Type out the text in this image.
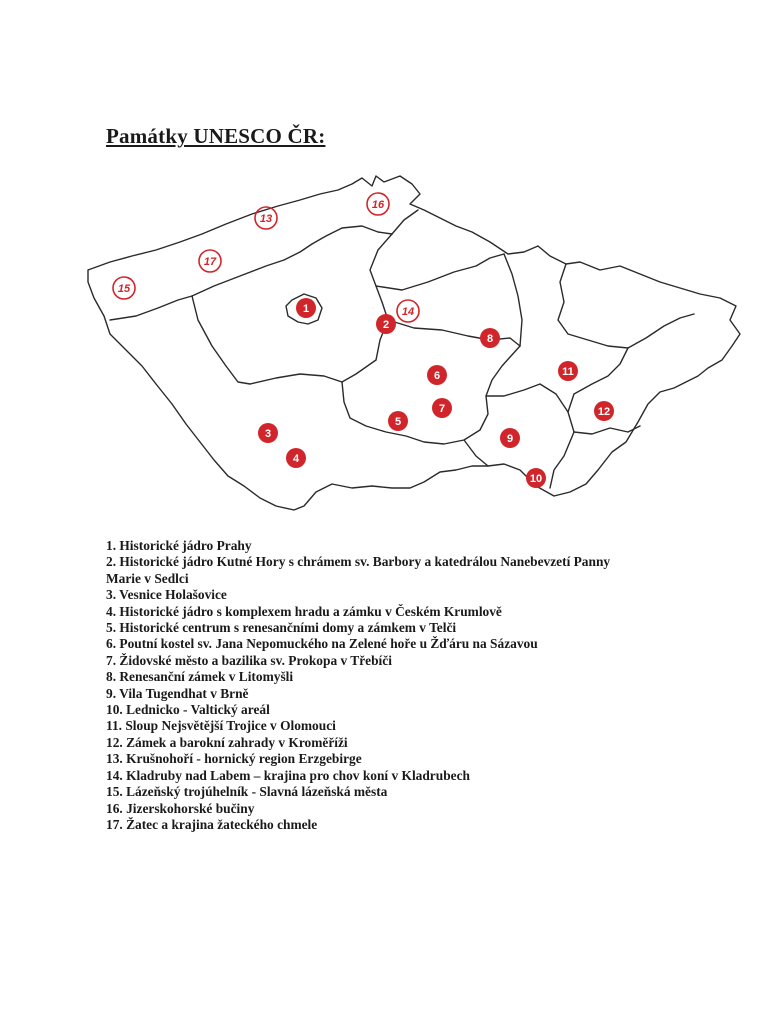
Památky UNESCO ČR:
1
2
3
4
5
6
7
8
9
10
11
12
13
14
15
16
17
1. Historické jádro Prahy
2. Historické jádro Kutné Hory s chrámem sv. Barbory a katedrálou Nanebevzetí Panny
Marie v Sedlci
3. Vesnice Holašovice
4. Historické jádro s komplexem hradu a zámku v Českém Krumlově
5. Historické centrum s renesančními domy a zámkem v Telči
6. Poutní kostel sv. Jana Nepomuckého na Zelené hoře u Žďáru na Sázavou
7. Židovské město a bazilika sv. Prokopa v Třebíči
8. Renesanční zámek v Litomyšli
9. Vila Tugendhat v Brně
10. Lednicko - Valtický areál
11. Sloup Nejsvětější Trojice v Olomouci
12. Zámek a barokní zahrady v Kroměříži
13. Krušnohoří - hornický region Erzgebirge
14. Kladruby nad Labem – krajina pro chov koní v Kladrubech
15. Lázeňský trojúhelník - Slavná lázeňská města
16. Jizerskohorské bučiny
17. Žatec a krajina žateckého chmele
